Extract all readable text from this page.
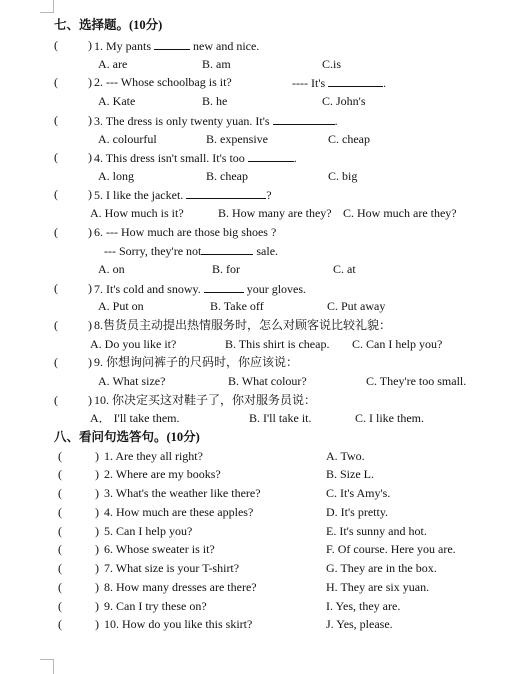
七、选择题。(10分)
(	) 1. My pants	new and nice.
A. are	B. am	C.is
(	) 2. --- Whose schoolbag is it?	---- It's	.
A. Kate	B. he	C. John's
(	) 3. The dress is only twenty yuan. It's	.
A. colourful	B. expensive	C. cheap
(	) 4. This dress isn't small. It's too	.
A. long	B. cheap	C. big
(	) 5. I like the jacket.	?
A. How much is it?	B. How many are they? C. How much are they?
(	) 6. --- How much are those big shoes ?
--- Sorry, they're not	sale.
A. on	B. for	C. at
(	) 7. It's cold and snowy.	your gloves.
A. Put on	B. Take off	C. Put away
(	) 8.售货员主动提出热情服务时，怎么对顾客说比较礼貌：
A. Do you like it?	B. This shirt is cheap. C. Can I help you?
(	) 9. 你想询问裤子的尺码时，你应该说：
A. What size?	B. What colour?	C. They're too small.
(	) 10. 你决定买这对鞋子了，你对服务员说：
A． I'll take them.	B. I'll take it.	C. I like them.
八、看问句选答句。(10分)
(	) 1. Are they all right?	A. Two.
(	) 2. Where are my books?	B. Size L.
(	) 3. What's the weather like there?	C. It's Amy's.
(	) 4. How much are these apples?	D. It's pretty.
(	) 5. Can I help you?	E. It's sunny and hot.
(	) 6. Whose sweater is it?	F. Of course. Here you are.
(	) 7. What size is your T-shirt?	G. They are in the box.
(	) 8. How many dresses are there?	H. They are six yuan.
(	) 9. Can I try these on?	I. Yes, they are.
(	) 10. How do you like this skirt?	J. Yes, please.
